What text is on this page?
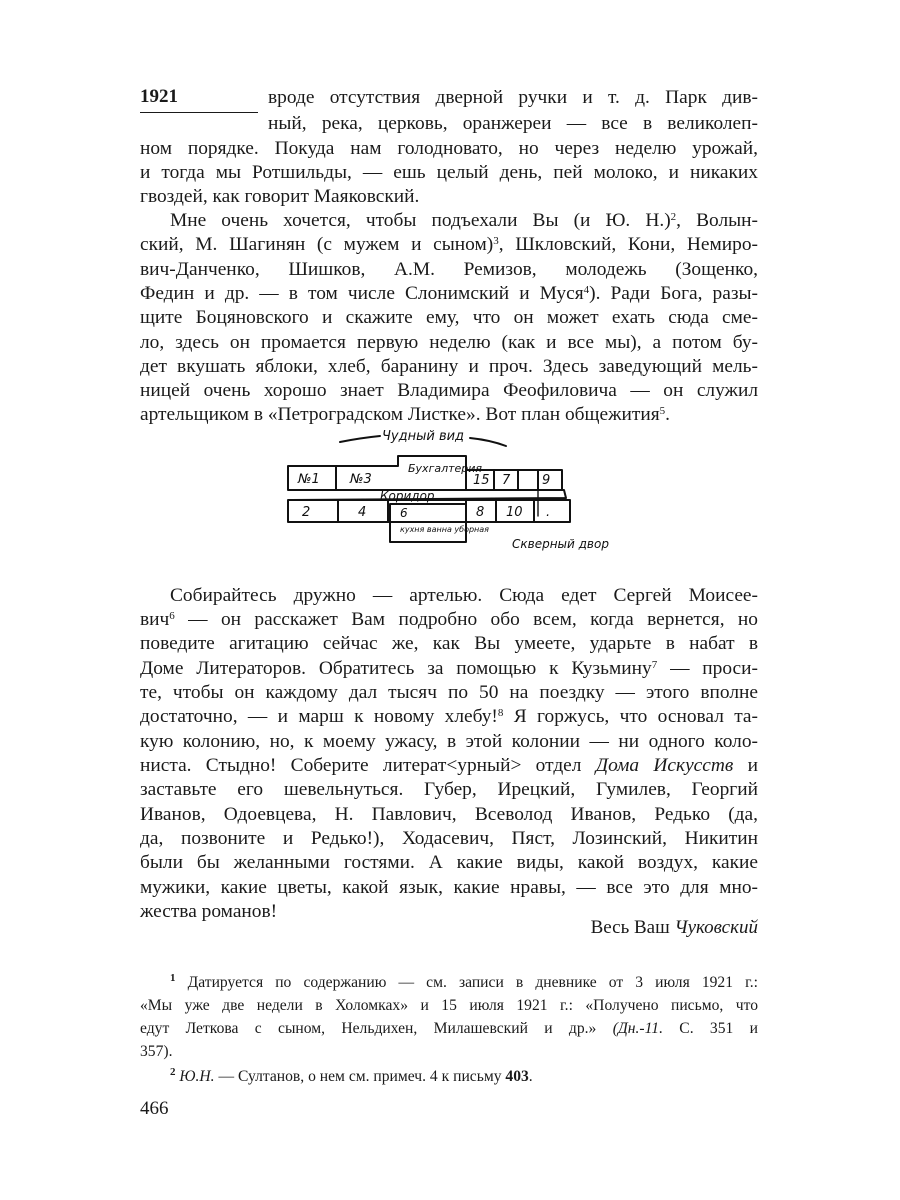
1921	вроде отсутствия дверной ручки и т. д. Парк див-
ный, река, церковь, оранжереи — все в великолеп-
ном порядке. Покуда нам голодновато, но через неделю урожай,
и тогда мы Ротшильды, — ешь целый день, пей молоко, и никаких
гвоздей, как говорит Маяковский.
Мне очень хочется, чтобы подъехали Вы (и Ю. Н.)$^2$, Волын-
ский, М. Шагинян (с мужем и сыном)$^3$, Шкловский, Кони, Немиро-
вич-Данченко, Шишков, А.М. Ремизов, молодежь (Зощенко,
Федин и др. — в том числе Слонимский и Муся$^4$). Ради Бога, разы-
щите Боцяновского и скажите ему, что он может ехать сюда сме-
ло, здесь он промается первую неделю (как и все мы), а потом бу-
дет вкушать яблоки, хлеб, баранину и проч. Здесь заведующий мель-
ницей очень хорошо знает Владимира Феофиловича — он служил
артельщиком в «Петроградском Листке». Вот план общежития$^5$.
Чудный вид
№1 №3
Бухгалтерия
15 7 9
Коридор
2	4	6	8 10 .
кухня ванна уборная
Скверный двор
Собирайтесь дружно — артелью. Сюда едет Сергей Моисее-
вич$^6$ — он расскажет Вам подробно обо всем, когда вернется, но
поведите агитацию сейчас же, как Вы умеете, ударьте в набат в
Доме Литераторов. Обратитесь за помощью к Кузьмину$^7$ — проси-
те, чтобы он каждому дал тысяч по 50 на поездку — этого вполне
достаточно, — и марш к новому хлебу!$^8$ Я горжусь, что основал та-
кую колонию, но, к моему ужасу, в этой колонии — ни одного коло-
ниста. Стыдно! Соберите литерат<урный> отдел Дома Искусств и
заставьте его шевельнуться. Губер, Ирецкий, Гумилев, Георгий
Иванов, Одоевцева, Н. Павлович, Всеволод Иванов, Редько (да,
да, позвоните и Редько!), Ходасевич, Пяст, Лозинский, Никитин
были бы желанными гостями. А какие виды, какой воздух, какие
мужики, какие цветы, какой язык, какие нравы, — все это для мно-
жества романов!
Весь Ваш Чуковский
$^1$ Датируется по содержанию — см. записи в дневнике от 3 июля 1921 г.:
«Мы уже две недели в Холомках» и 15 июля 1921 г.: «Получено письмо, что
едут Леткова с сыном, Нельдихен, Милашевский и др.» (Дн.-11. С. 351 и
357).
$^2$ Ю.Н. — Султанов, о нем см. примеч. 4 к письму 403.
466
